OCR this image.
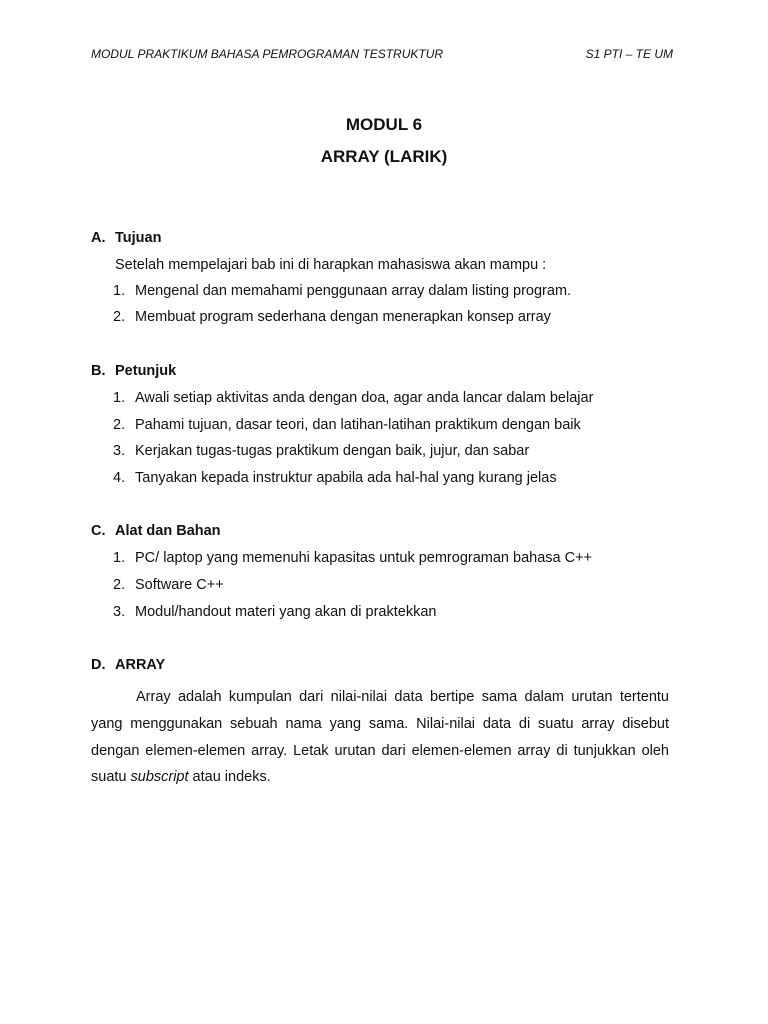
MODUL PRAKTIKUM BAHASA PEMROGRAMAN TESTRUKTUR	S1 PTI – TE UM
MODUL 6
ARRAY (LARIK)
A. Tujuan
Setelah mempelajari bab ini di harapkan mahasiswa akan mampu :
1. Mengenal dan memahami penggunaan array dalam listing program.
2. Membuat program sederhana dengan menerapkan konsep array
B. Petunjuk
1. Awali setiap aktivitas anda dengan doa, agar anda lancar dalam belajar
2. Pahami tujuan, dasar teori, dan latihan-latihan praktikum dengan baik
3. Kerjakan tugas-tugas praktikum dengan baik, jujur, dan sabar
4. Tanyakan kepada instruktur apabila ada hal-hal yang kurang jelas
C. Alat dan Bahan
1. PC/ laptop yang memenuhi kapasitas untuk pemrograman bahasa C++
2. Software C++
3. Modul/handout materi yang akan di praktekkan
D. ARRAY
Array adalah kumpulan dari nilai-nilai data bertipe sama dalam urutan tertentu yang menggunakan sebuah nama yang sama. Nilai-nilai data di suatu array disebut dengan elemen-elemen array. Letak urutan dari elemen-elemen array di tunjukkan oleh suatu subscript atau indeks.
